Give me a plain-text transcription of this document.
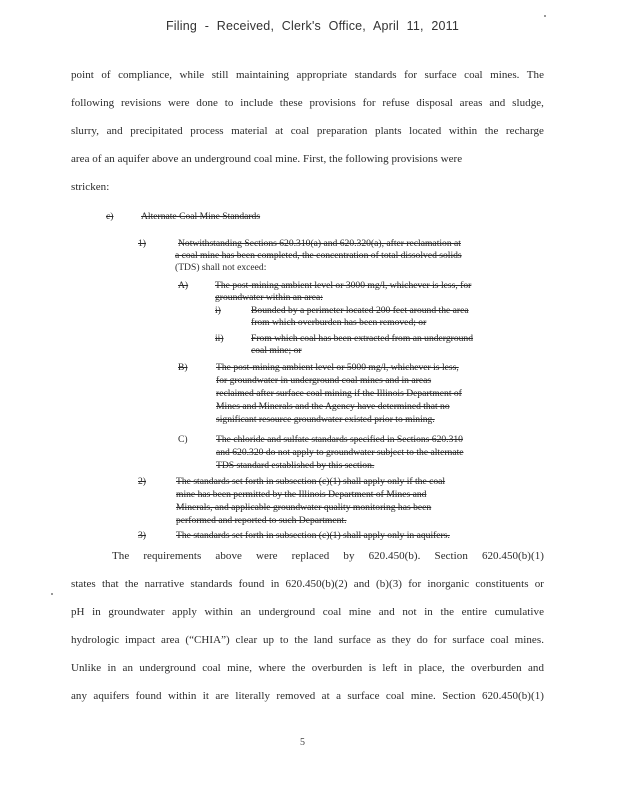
Filing - Received, Clerk's Office, April 11, 2011
point of compliance, while still maintaining appropriate standards for surface coal mines. The
following revisions were done to include these provisions for refuse disposal areas and sludge,
slurry, and precipitated process material at coal preparation plants located within the recharge
area of an aquifer above an underground coal mine. First, the following provisions were
stricken:
c)	Alternate Coal Mine Standards
1)	Notwithstanding Sections 620.310(a) and 620.320(a), after reclamation at
a coal mine has been completed, the concentration of total dissolved solids
(TDS) shall not exceed:
A)	The post-mining ambient level or 3000 mg/l, whichever is less, for
groundwater within an area:
i)	Bounded by a perimeter located 200 feet around the area
from which overburden has been removed; or
ii)	From which coal has been extracted from an underground
coal mine; or
B)	The post-mining ambient level or 5000 mg/l, whichever is less,
for groundwater in underground coal mines and in areas
reclaimed after surface coal mining if the Illinois Department of
Mines and Minerals and the Agency have determined that no
significant resource groundwater existed prior to mining.
C)	The chloride and sulfate standards specified in Sections 620.310
and 620.320 do not apply to groundwater subject to the alternate
TDS standard established by this section.
2)	The standards set forth in subsection (c)(1) shall apply only if the coal
mine has been permitted by the Illinois Department of Mines and
Minerals, and applicable groundwater quality monitoring has been
performed and reported to such Department.
3)	The standards set forth in subsection (c)(1) shall apply only in aquifers.
The requirements above were replaced by 620.450(b). Section 620.450(b)(1)
states that the narrative standards found in 620.450(b)(2) and (b)(3) for inorganic constituents or
pH in groundwater apply within an underground coal mine and not in the entire cumulative
hydrologic impact area (“CHIA”) clear up to the land surface as they do for surface coal mines.
Unlike in an underground coal mine, where the overburden is left in place, the overburden and
any aquifers found within it are literally removed at a surface coal mine. Section 620.450(b)(1)
5
